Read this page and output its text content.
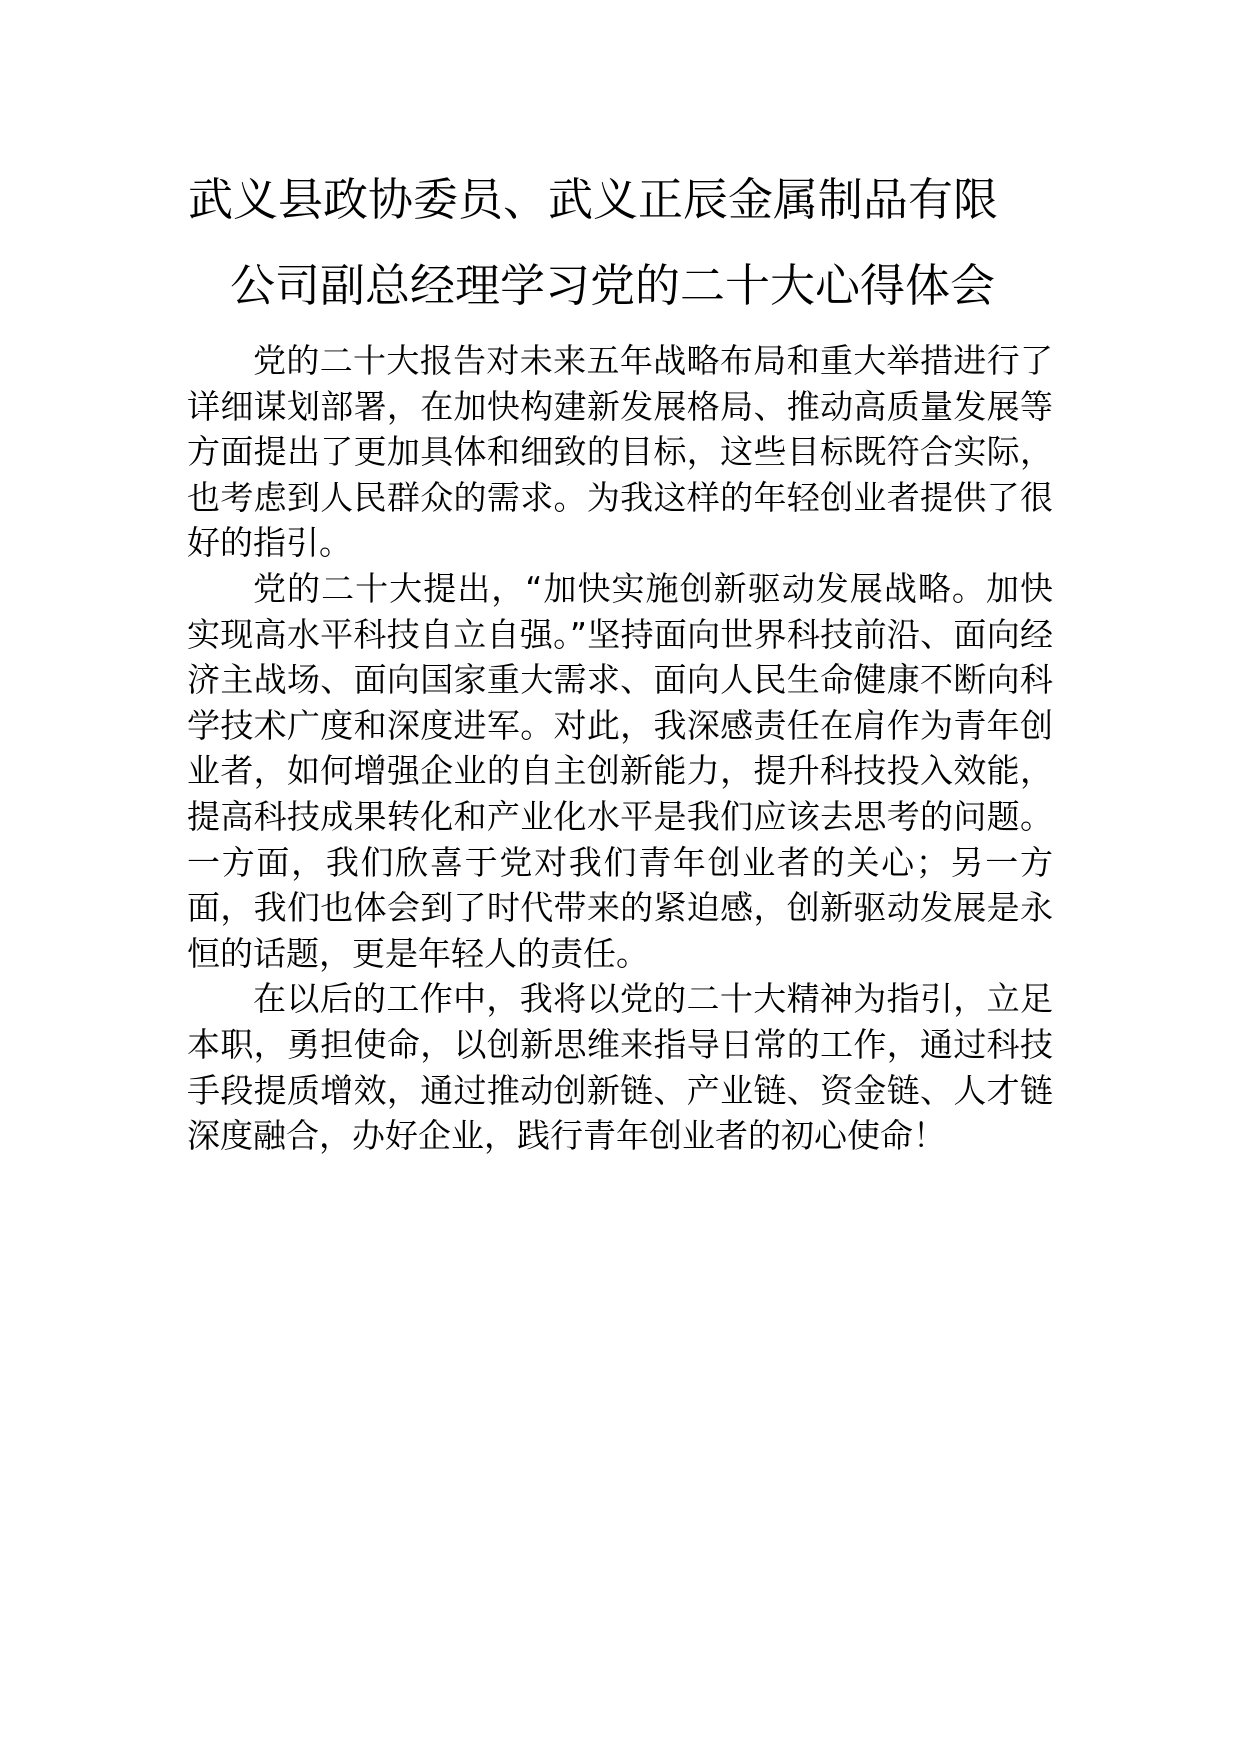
武义县政协委员、武义正辰金属制品有限
公司副总经理学习党的二十大心得体会

党的二十大报告对未来五年战略布局和重大举措进行了详细谋划部署，在加快构建新发展格局、推动高质量发展等方面提出了更加具体和细致的目标，这些目标既符合实际，也考虑到人民群众的需求。为我这样的年轻创业者提供了很好的指引。

党的二十大提出，“加快实施创新驱动发展战略。加快实现高水平科技自立自强。”坚持面向世界科技前沿、面向经济主战场、面向国家重大需求、面向人民生命健康不断向科学技术广度和深度进军。对此，我深感责任在肩作为青年创业者，如何增强企业的自主创新能力，提升科技投入效能，提高科技成果转化和产业化水平是我们应该去思考的问题。一方面，我们欣喜于党对我们青年创业者的关心；另一方面，我们也体会到了时代带来的紧迫感，创新驱动发展是永恒的话题，更是年轻人的责任。

在以后的工作中，我将以党的二十大精神为指引，立足本职，勇担使命，以创新思维来指导日常的工作，通过科技手段提质增效，通过推动创新链、产业链、资金链、人才链深度融合，办好企业，践行青年创业者的初心使命！
